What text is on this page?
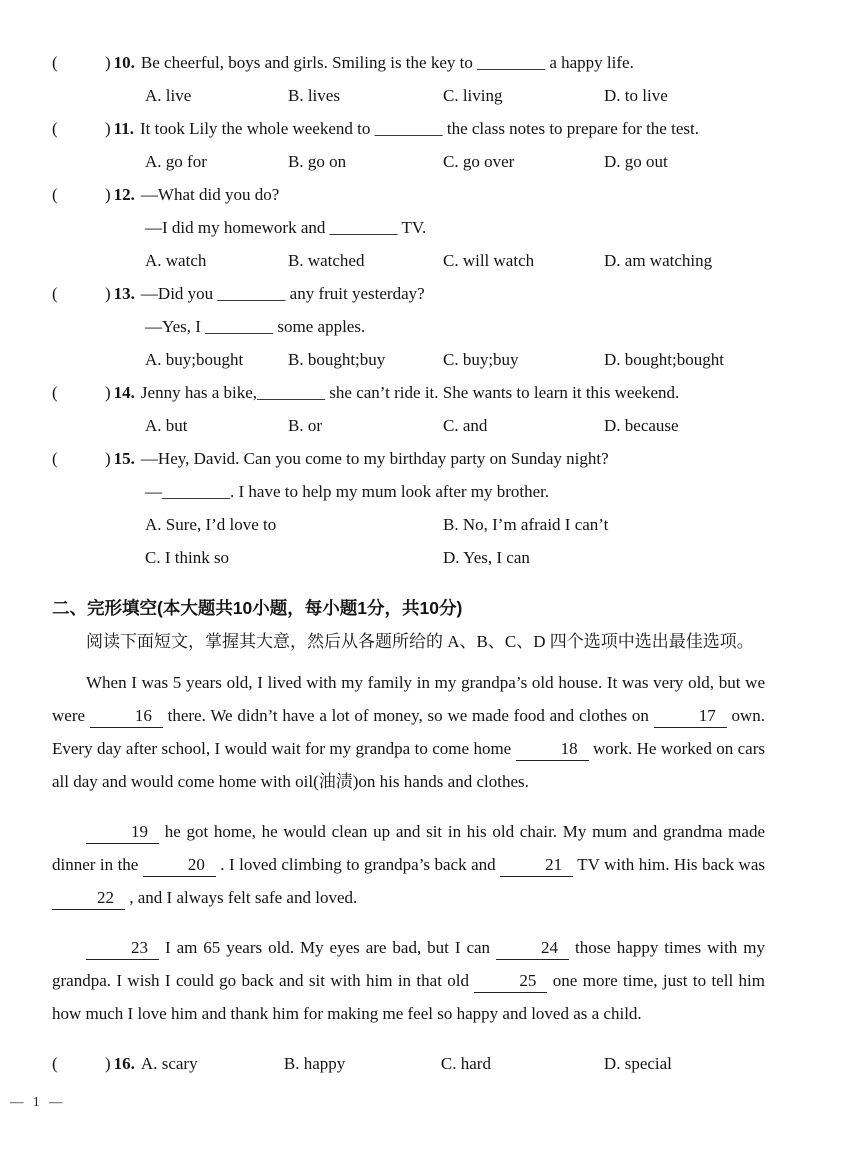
(	) 10. Be cheerful, boys and girls. Smiling is the key to ________ a happy life.
A. live	B. lives	C. living	D. to live
(	) 11. It took Lily the whole weekend to ________ the class notes to prepare for the test.
A. go for	B. go on	C. go over	D. go out
(	) 12. —What did you do?
—I did my homework and ________ TV.
A. watch	B. watched	C. will watch	D. am watching
(	) 13. —Did you ________ any fruit yesterday?
—Yes, I ________ some apples.
A. buy;bought	B. bought;buy	C. buy;buy	D. bought;bought
(	) 14. Jenny has a bike,________ she can’t ride it. She wants to learn it this weekend.
A. but	B. or	C. and	D. because
(	) 15. —Hey, David. Can you come to my birthday party on Sunday night?
—________. I have to help my mum look after my brother.
A. Sure, I’d love to	B. No, I’m afraid I can’t
C. I think so	D. Yes, I can
二、完形填空(本大题共10小题，每小题1分，共10分)
阅读下面短文，掌握其大意，然后从各题所给的 A、B、C、D 四个选项中选出最佳选项。

When I was 5 years old, I lived with my family in my grandpa’s old house. It was very old, but we were	16 there. We didn’t have a lot of money, so we made food and clothes on	17 own. Every day after school, I would wait for my grandpa to come home	18 work. He worked on cars all day and would come home with oil(油渍)on his hands and clothes.

19 he got home, he would clean up and sit in his old chair. My mum and grandma made dinner in the	20 . I loved climbing to grandpa’s back and	21 TV with him. His back was 22 , and I always felt safe and loved.

23 I am 65 years old. My eyes are bad, but I can	24 those happy times with my grandpa. I wish I could go back and sit with him in that old	25 one more time, just to tell him how much I love him and thank him for making me feel so happy and loved as a child.

(	) 16. A. scary	B. happy	C. hard	D. special
— 1 —
